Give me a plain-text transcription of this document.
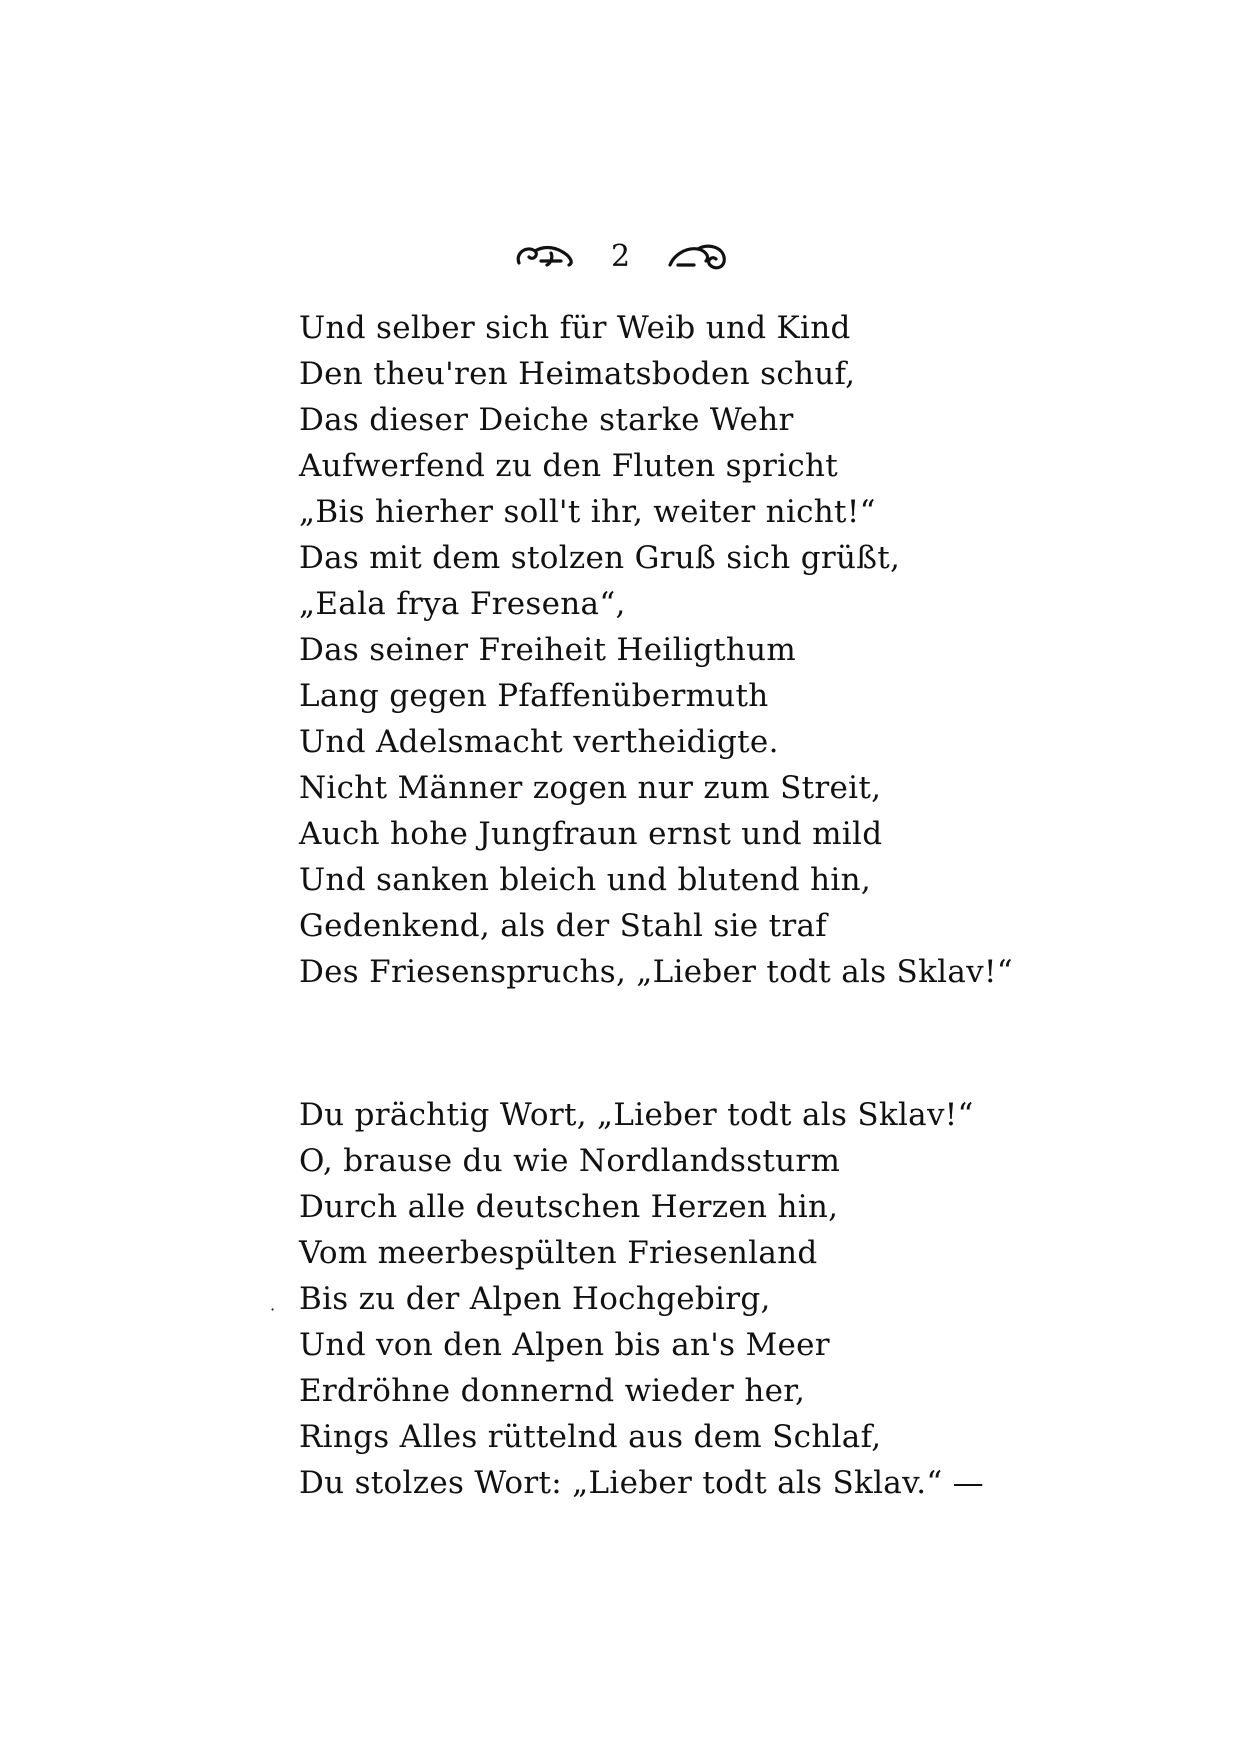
2
Und selber sich für Weib und Kind
Den theu'ren Heimatsboden schuf,
Das dieser Deiche starke Wehr
Aufwerfend zu den Fluten spricht
„Bis hierher soll't ihr, weiter nicht!“
Das mit dem stolzen Gruß sich grüßt,
„Eala frya Fresena“,
Das seiner Freiheit Heiligthum
Lang gegen Pfaffenübermuth
Und Adelsmacht vertheidigte.
Nicht Männer zogen nur zum Streit,
Auch hohe Jungfraun ernst und mild
Und sanken bleich und blutend hin,
Gedenkend, als der Stahl sie traf
Des Friesenspruchs, „Lieber todt als Sklav!“
Du prächtig Wort, „Lieber todt als Sklav!“
O, brause du wie Nordlandssturm
Durch alle deutschen Herzen hin,
Vom meerbespülten Friesenland
Bis zu der Alpen Hochgebirg,
Und von den Alpen bis an's Meer
Erdröhne donnernd wieder her,
Rings Alles rüttelnd aus dem Schlaf,
Du stolzes Wort: „Lieber todt als Sklav.“ —
·
